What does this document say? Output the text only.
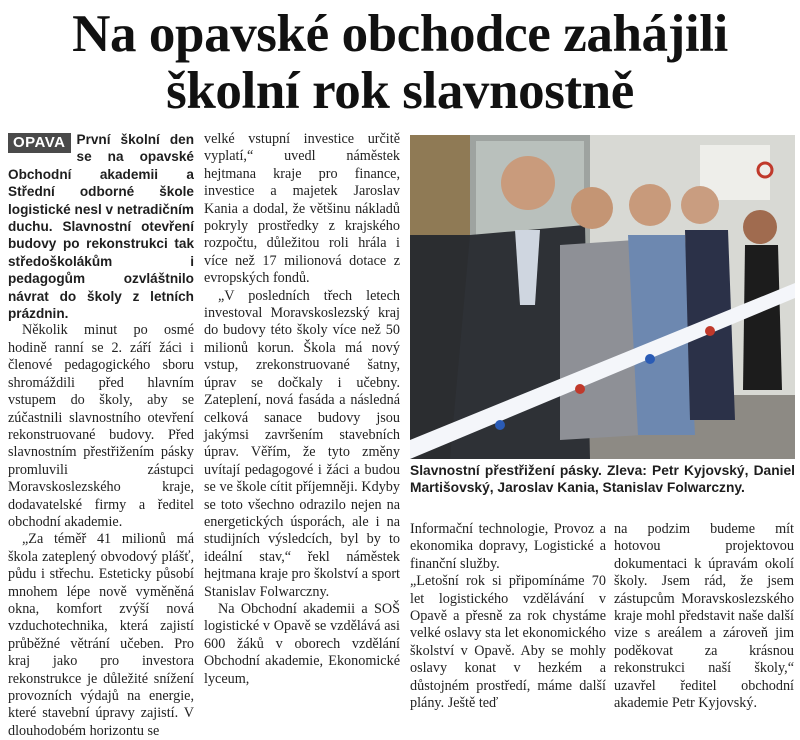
Na opavské obchodce zahájili
školní rok slavnostně

OPAVA První školní den se na opavské Obchodní akademii a Střední odborné škole logistické nesl v netradičním duchu. Slavnostní otevření budovy po rekonstrukci tak středoškolákům i pedagogům ozvláštnilo návrat do školy z letních prázdnin.

Několik minut po osmé hodině ranní se 2. září žáci i členové pedagogického sboru shromáždili před hlavním vstupem do školy, aby se zúčastnili slavnostního otevření rekonstruované budovy. Před slavnostním přestřižením pásky promluvili zástupci Moravskoslezského kraje, dodavatelské firmy a ředitel obchodní akademie.

„Za téměř 41 milionů má škola zateplený obvodový plášť, půdu i střechu. Esteticky působí mnohem lépe nově vyměněná okna, komfort zvýší nová vzduchotechnika, která zajistí průběžné větrání učeben. Pro kraj jako pro investora rekonstrukce je důležité snížení provozních výdajů na energie, které stavební úpravy zajistí. V dlouhodobém horizontu se

velké vstupní investice určitě vyplatí,“ uvedl náměstek hejtmana kraje pro finance, investice a majetek Jaroslav Kania a dodal, že většinu nákladů pokryly prostředky z krajského rozpočtu, důležitou roli hrála i více než 17 milionová dotace z evropských fondů.

„V posledních třech letech investoval Moravskoslezský kraj do budovy této školy více než 50 milionů korun. Škola má nový vstup, zrekonstruované šatny, úprav se dočkaly i učebny. Zateplení, nová fasáda a následná celková sanace budovy jsou jakýmsi završením stavebních úprav. Věřím, že tyto změny uvítají pedagogové i žáci a budou se ve škole cítit příjemněji. Kdyby se toto všechno odrazilo nejen na energetických úsporách, ale i na studijních výsledcích, byl by to ideální stav,“ řekl náměstek hejtmana kraje pro školství a sport Stanislav Folwarczny.

Na Obchodní akademii a SOŠ logistické v Opavě se vzdělává asi 600 žáků v oborech vzdělání Obchodní akademie, Ekonomické lyceum,

Slavnostní přestřižení pásky. Zleva: Petr Kyjovský, Daniel Martišovský, Jaroslav Kania, Stanislav Folwarczny.

Informační technologie, Provoz a ekonomika dopravy, Logistické a finanční služby.

„Letošní rok si připomínáme 70 let logistického vzdělávání v Opavě a přesně za rok chystáme velké oslavy sta let ekonomického školství v Opavě. Aby se mohly oslavy konat v hezkém a důstojném prostředí, máme další plány. Ještě teď

na podzim budeme mít hotovou projektovou dokumentaci k úpravám okolí školy. Jsem rád, že jsem zástupcům Moravskoslezského kraje mohl představit naše další vize s areálem a zároveň jim poděkovat za krásnou rekonstrukci naší školy,“ uzavřel ředitel obchodní akademie Petr Kyjovský.
